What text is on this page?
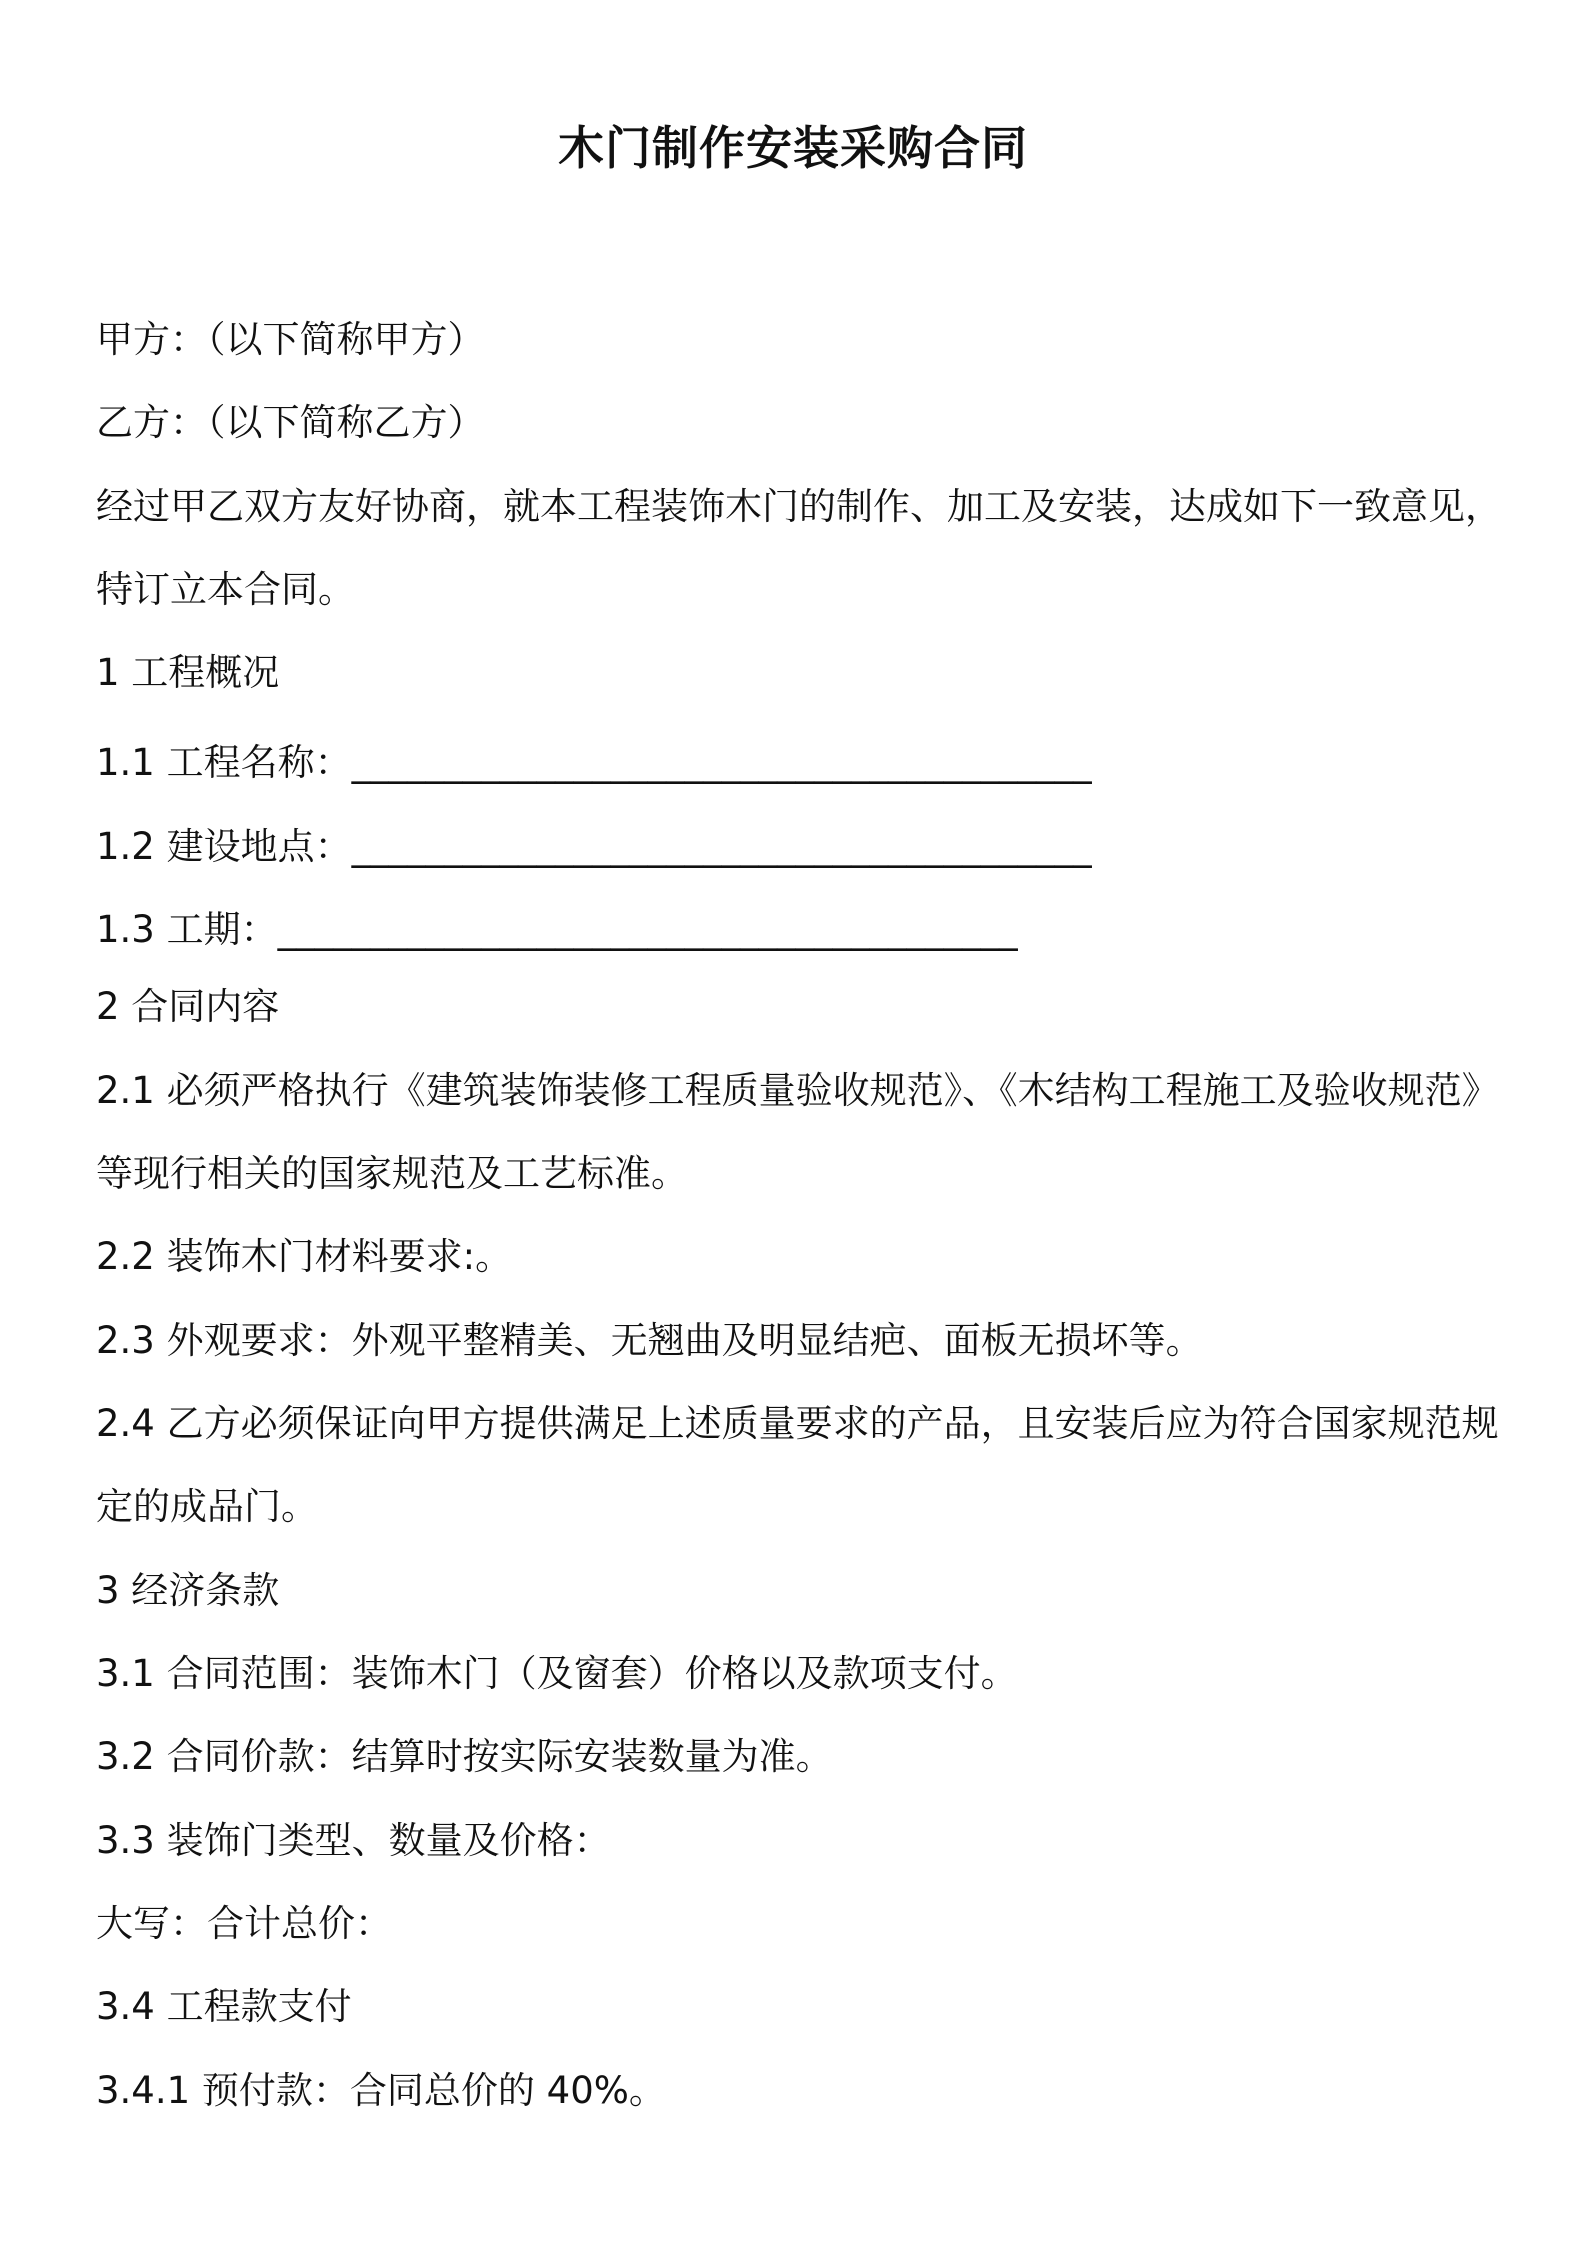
木门制作安装采购合同
甲方：（以下简称甲方）
乙方：（以下简称乙方）
经过甲乙双方友好协商，就本工程装饰木门的制作、加工及安装，达成如下一致意见，
特订立本合同。
1 工程概况
1.1 工程名称：________________________________________
1.2 建设地点：________________________________________
1.3 工期：________________________________________
2 合同内容
2.1 必须严格执行《建筑装饰装修工程质量验收规范》、《木结构工程施工及验收规范》
等现行相关的国家规范及工艺标准。
2.2 装饰木门材料要求:。
2.3 外观要求：外观平整精美、无翘曲及明显结疤、面板无损坏等。
2.4 乙方必须保证向甲方提供满足上述质量要求的产品，且安装后应为符合国家规范规
定的成品门。
3 经济条款
3.1 合同范围：装饰木门（及窗套）价格以及款项支付。
3.2 合同价款：结算时按实际安装数量为准。
3.3 装饰门类型、数量及价格：
大写：合计总价：
3.4 工程款支付
3.4.1 预付款：合同总价的 40%。
